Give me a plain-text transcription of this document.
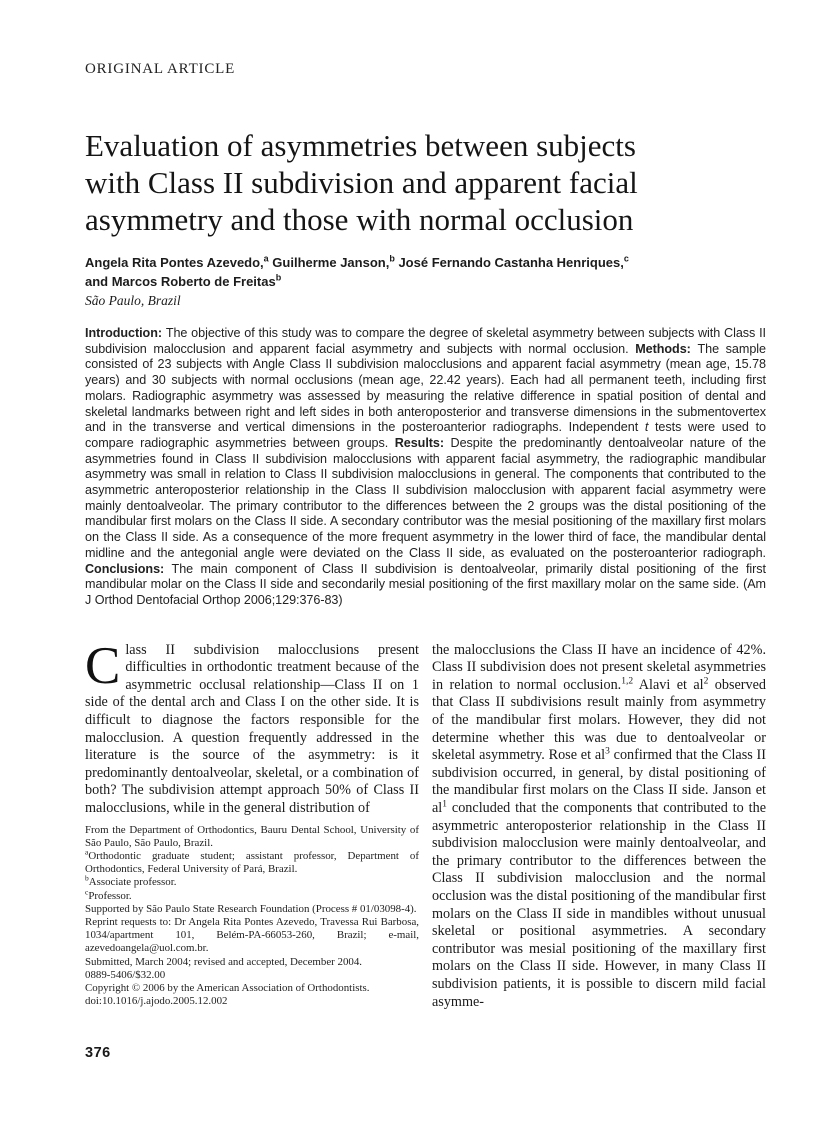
ORIGINAL ARTICLE
Evaluation of asymmetries between subjects
with Class II subdivision and apparent facial
asymmetry and those with normal occlusion
Angela Rita Pontes Azevedo,$^a$ Guilherme Janson,$^b$ José Fernando Castanha Henriques,$^c$
and Marcos Roberto de Freitas$^b$
São Paulo, Brazil
Introduction: The objective of this study was to compare the degree of skeletal asymmetry between subjects with Class II subdivision malocclusion and apparent facial asymmetry and subjects with normal occlusion. Methods: The sample consisted of 23 subjects with Angle Class II subdivision malocclusions and apparent facial asymmetry (mean age, 15.78 years) and 30 subjects with normal occlusions (mean age, 22.42 years). Each had all permanent teeth, including first molars. Radiographic asymmetry was assessed by measuring the relative difference in spatial position of dental and skeletal landmarks between right and left sides in both anteroposterior and transverse dimensions in the submentovertex and in the transverse and vertical dimensions in the posteroanterior radiographs. Independent t tests were used to compare radiographic asymmetries between groups. Results: Despite the predominantly dentoalveolar nature of the asymmetries found in Class II subdivision malocclusions with apparent facial asymmetry, the radiographic mandibular asymmetry was small in relation to Class II subdivision malocclusions in general. The components that contributed to the asymmetric anteroposterior relationship in the Class II subdivision malocclusion with apparent facial asymmetry were mainly dentoalveolar. The primary contributor to the differences between the 2 groups was the distal positioning of the mandibular first molars on the Class II side. A secondary contributor was the mesial positioning of the maxillary first molars on the Class II side. As a consequence of the more frequent asymmetry in the lower third of face, the mandibular dental midline and the antegonial angle were deviated on the Class II side, as evaluated on the posteroanterior radiograph. Conclusions: The main component of Class II subdivision is dentoalveolar, primarily distal positioning of the first mandibular molar on the Class II side and secondarily mesial positioning of the first maxillary molar on the same side. (Am J Orthod Dentofacial Orthop 2006;129:376-83)
Class II subdivision malocclusions present difficulties in orthodontic treatment because of the asymmetric occlusal relationship—Class II on 1 side of the dental arch and Class I on the other side. It is difficult to diagnose the factors responsible for the malocclusion. A question frequently addressed in the literature is the source of the asymmetry: is it predominantly dentoalveolar, skeletal, or a combination of both? The subdivision attempt approach 50% of Class II malocclusions, while in the general distribution of
From the Department of Orthodontics, Bauru Dental School, University of São Paulo, São Paulo, Brazil.
$^a$Orthodontic graduate student; assistant professor, Department of Orthodontics, Federal University of Pará, Brazil.
$^b$Associate professor.
$^c$Professor.
Supported by São Paulo State Research Foundation (Process # 01/03098-4).
Reprint requests to: Dr Angela Rita Pontes Azevedo, Travessa Rui Barbosa, 1034/apartment 101, Belém-PA-66053-260, Brazil; e-mail, azevedoangela@uol.com.br.
Submitted, March 2004; revised and accepted, December 2004.
0889-5406/$32.00
Copyright © 2006 by the American Association of Orthodontists.
doi:10.1016/j.ajodo.2005.12.002
the malocclusions the Class II have an incidence of 42%. Class II subdivision does not present skeletal asymmetries in relation to normal occlusion.$^{1,2}$ Alavi et $al^2$ observed that Class II subdivisions result mainly from asymmetry of the mandibular first molars. However, they did not determine whether this was due to dentoalveolar or skeletal asymmetry. Rose et $al^3$ confirmed that the Class II subdivision occurred, in general, by distal positioning of the mandibular first molars on the Class II side. Janson et $al^1$ concluded that the components that contributed to the asymmetric anteroposterior relationship in the Class II subdivision malocclusion were mainly dentoalveolar, and the primary contributor to the differences between the Class II subdivision malocclusion and the normal occlusion was the distal positioning of the mandibular first molars on the Class II side in mandibles without unusual skeletal or positional asymmetries. A secondary contributor was mesial positioning of the maxillary first molars on the Class II side. However, in many Class II subdivision patients, it is possible to discern mild facial asymme-
376
